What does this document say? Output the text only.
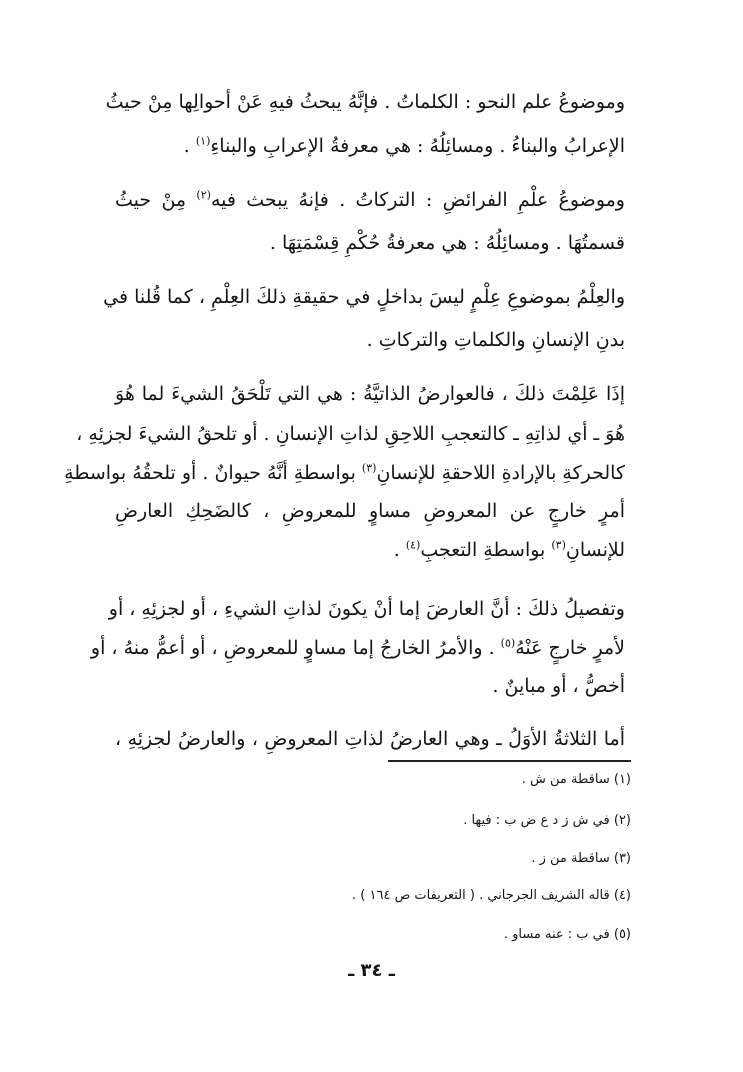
وموضوعُ علم النحو : الكلماتُ . فإنَّهُ يبحثُ فيهِ عَنْ أحوالِها مِنْ حيثُ
الإعرابُ والبناءُ . ومسائِلُهُ : هي معرفةُ الإعرابِ والبناءِ$^{(١)}$ .
وموضوعُ علْمِ الفرائضِ : التركاتُ . فإنهُ يبحث فيه$^{(٢)}$ مِنْ حيثُ
قسمتُهَا . ومسائِلُهُ : هي معرفةُ حُكْمِ قِسْمَتِهَا .
والعِلْمُ بموضوعِ عِلْمٍ ليسَ بداخلٍ في حقيقةِ ذلكَ العِلْمِ ، كما قُلنا في
بدنِ الإنسانِ والكلماتِ والتركاتِ .
إذَا عَلِمْتَ ذلكَ ، فالعوارضُ الذاتيَّةُ : هي التي تَلْحَقُ الشيءَ لما هُوَ
هُوَ ـ أي لذاتِهِ ـ كالتعجبِ اللاحِقِ لذاتِ الإنسانِ . أو تلحقُ الشيءَ لجزئِهِ ،
كالحركةِ بالإرادةِ اللاحقةِ للإنسانِ$^{(٣)}$ بواسطةِ أنَّهُ حيوانٌ . أو تلحقُهُ بواسطةِ
أمرٍ خارجٍ عن المعروضِ مساوٍ للمعروضِ ، كالضَحِكِ العارضِ
للإنسانِ$^{(٣)}$ بواسطةِ التعجبِ$^{(٤)}$ .
وتفصيلُ ذلكَ : أنَّ العارضَ إما أنْ يكونَ لذاتِ الشيءِ ، أو لجزئِهِ ، أو
لأمرٍ خارجٍ عَنْهُ$^{(٥)}$ . والأمرُ الخارجُ إما مساوٍ للمعروضِ ، أو أعمُّ منهُ ، أو
أخصُّ ، أو مباينٌ .
أما الثلاثةُ الأوَلُ ـ وهي العارضُ لذاتِ المعروضِ ، والعارضُ لجزئِهِ ،
(١) ساقطة من ش .
(٢) في ش ز د ع ض ب : فيها .
(٣) ساقطة من ز .
(٤) قاله الشريف الجرجاني . ( التعريفات ص ١٦٤ ) .
(٥) في ب : عنه مساو .
ـ ٣٤ ـ
